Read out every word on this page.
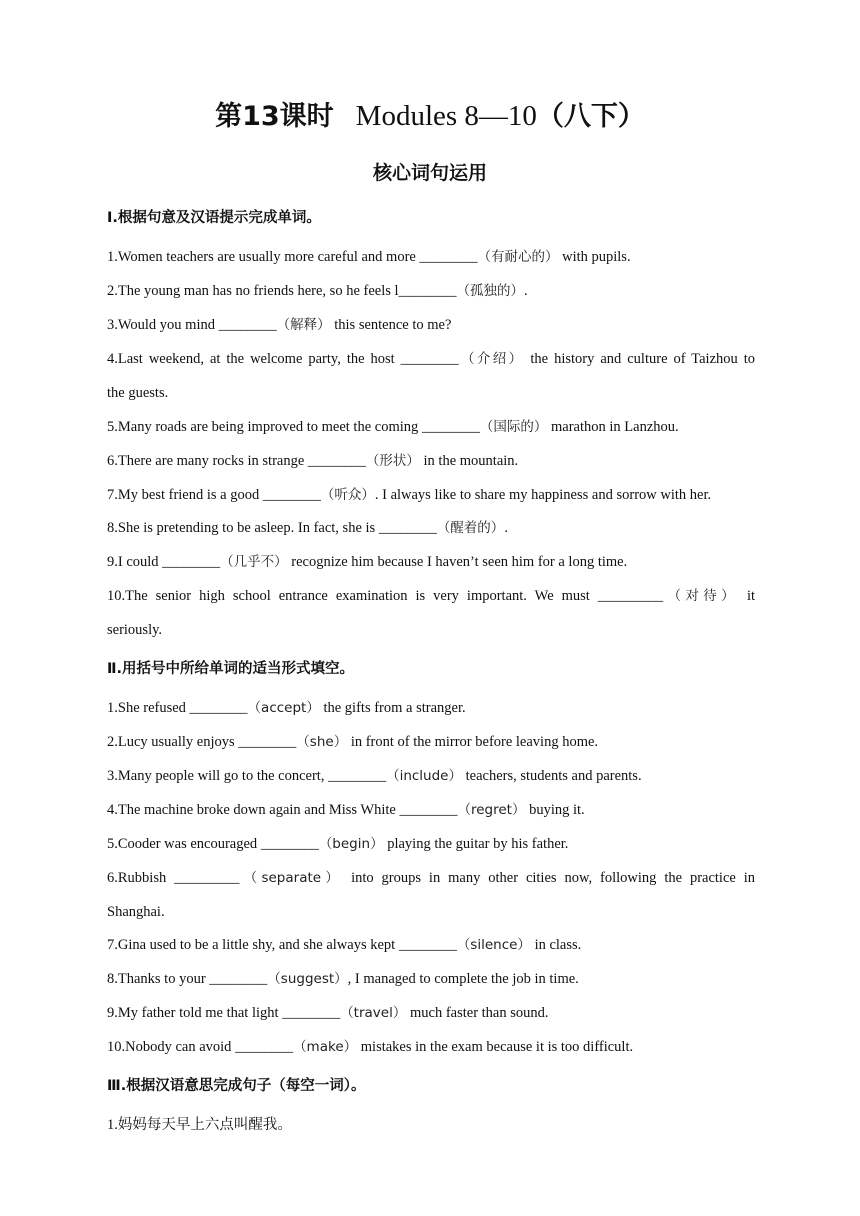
第13课时 Modules 8—10（八下）
核心词句运用
Ⅰ.根据句意及汉语提示完成单词。
1.Women teachers are usually more careful and more ________（有耐心的） with pupils.
2.The young man has no friends here, so he feels l________（孤独的）.
3.Would you mind ________（解释） this sentence to me?
4.Last weekend, at the welcome party, the host ________（介绍） the history and culture of Taizhou to
the guests.
5.Many roads are being improved to meet the coming ________（国际的） marathon in Lanzhou.
6.There are many rocks in strange ________（形状） in the mountain.
7.My best friend is a good ________（听众）. I always like to share my happiness and sorrow with her.
8.She is pretending to be asleep. In fact, she is ________（醒着的）.
9.I could ________（几乎不） recognize him because I haven’t seen him for a long time.
10.The senior high school entrance examination is very important. We must _________（对待） it
seriously.
Ⅱ.用括号中所给单词的适当形式填空。
1.She refused ________（accept） the gifts from a stranger.
2.Lucy usually enjoys ________（she） in front of the mirror before leaving home.
3.Many people will go to the concert, ________（include） teachers, students and parents.
4.The machine broke down again and Miss White ________（regret） buying it.
5.Cooder was encouraged ________（begin） playing the guitar by his father.
6.Rubbish _________（separate） into groups in many other cities now, following the practice in
Shanghai.
7.Gina used to be a little shy, and she always kept ________（silence） in class.
8.Thanks to your ________（suggest）, I managed to complete the job in time.
9.My father told me that light ________（travel） much faster than sound.
10.Nobody can avoid ________（make） mistakes in the exam because it is too difficult.
Ⅲ.根据汉语意思完成句子（每空一词）。
1.妈妈每天早上六点叫醒我。
